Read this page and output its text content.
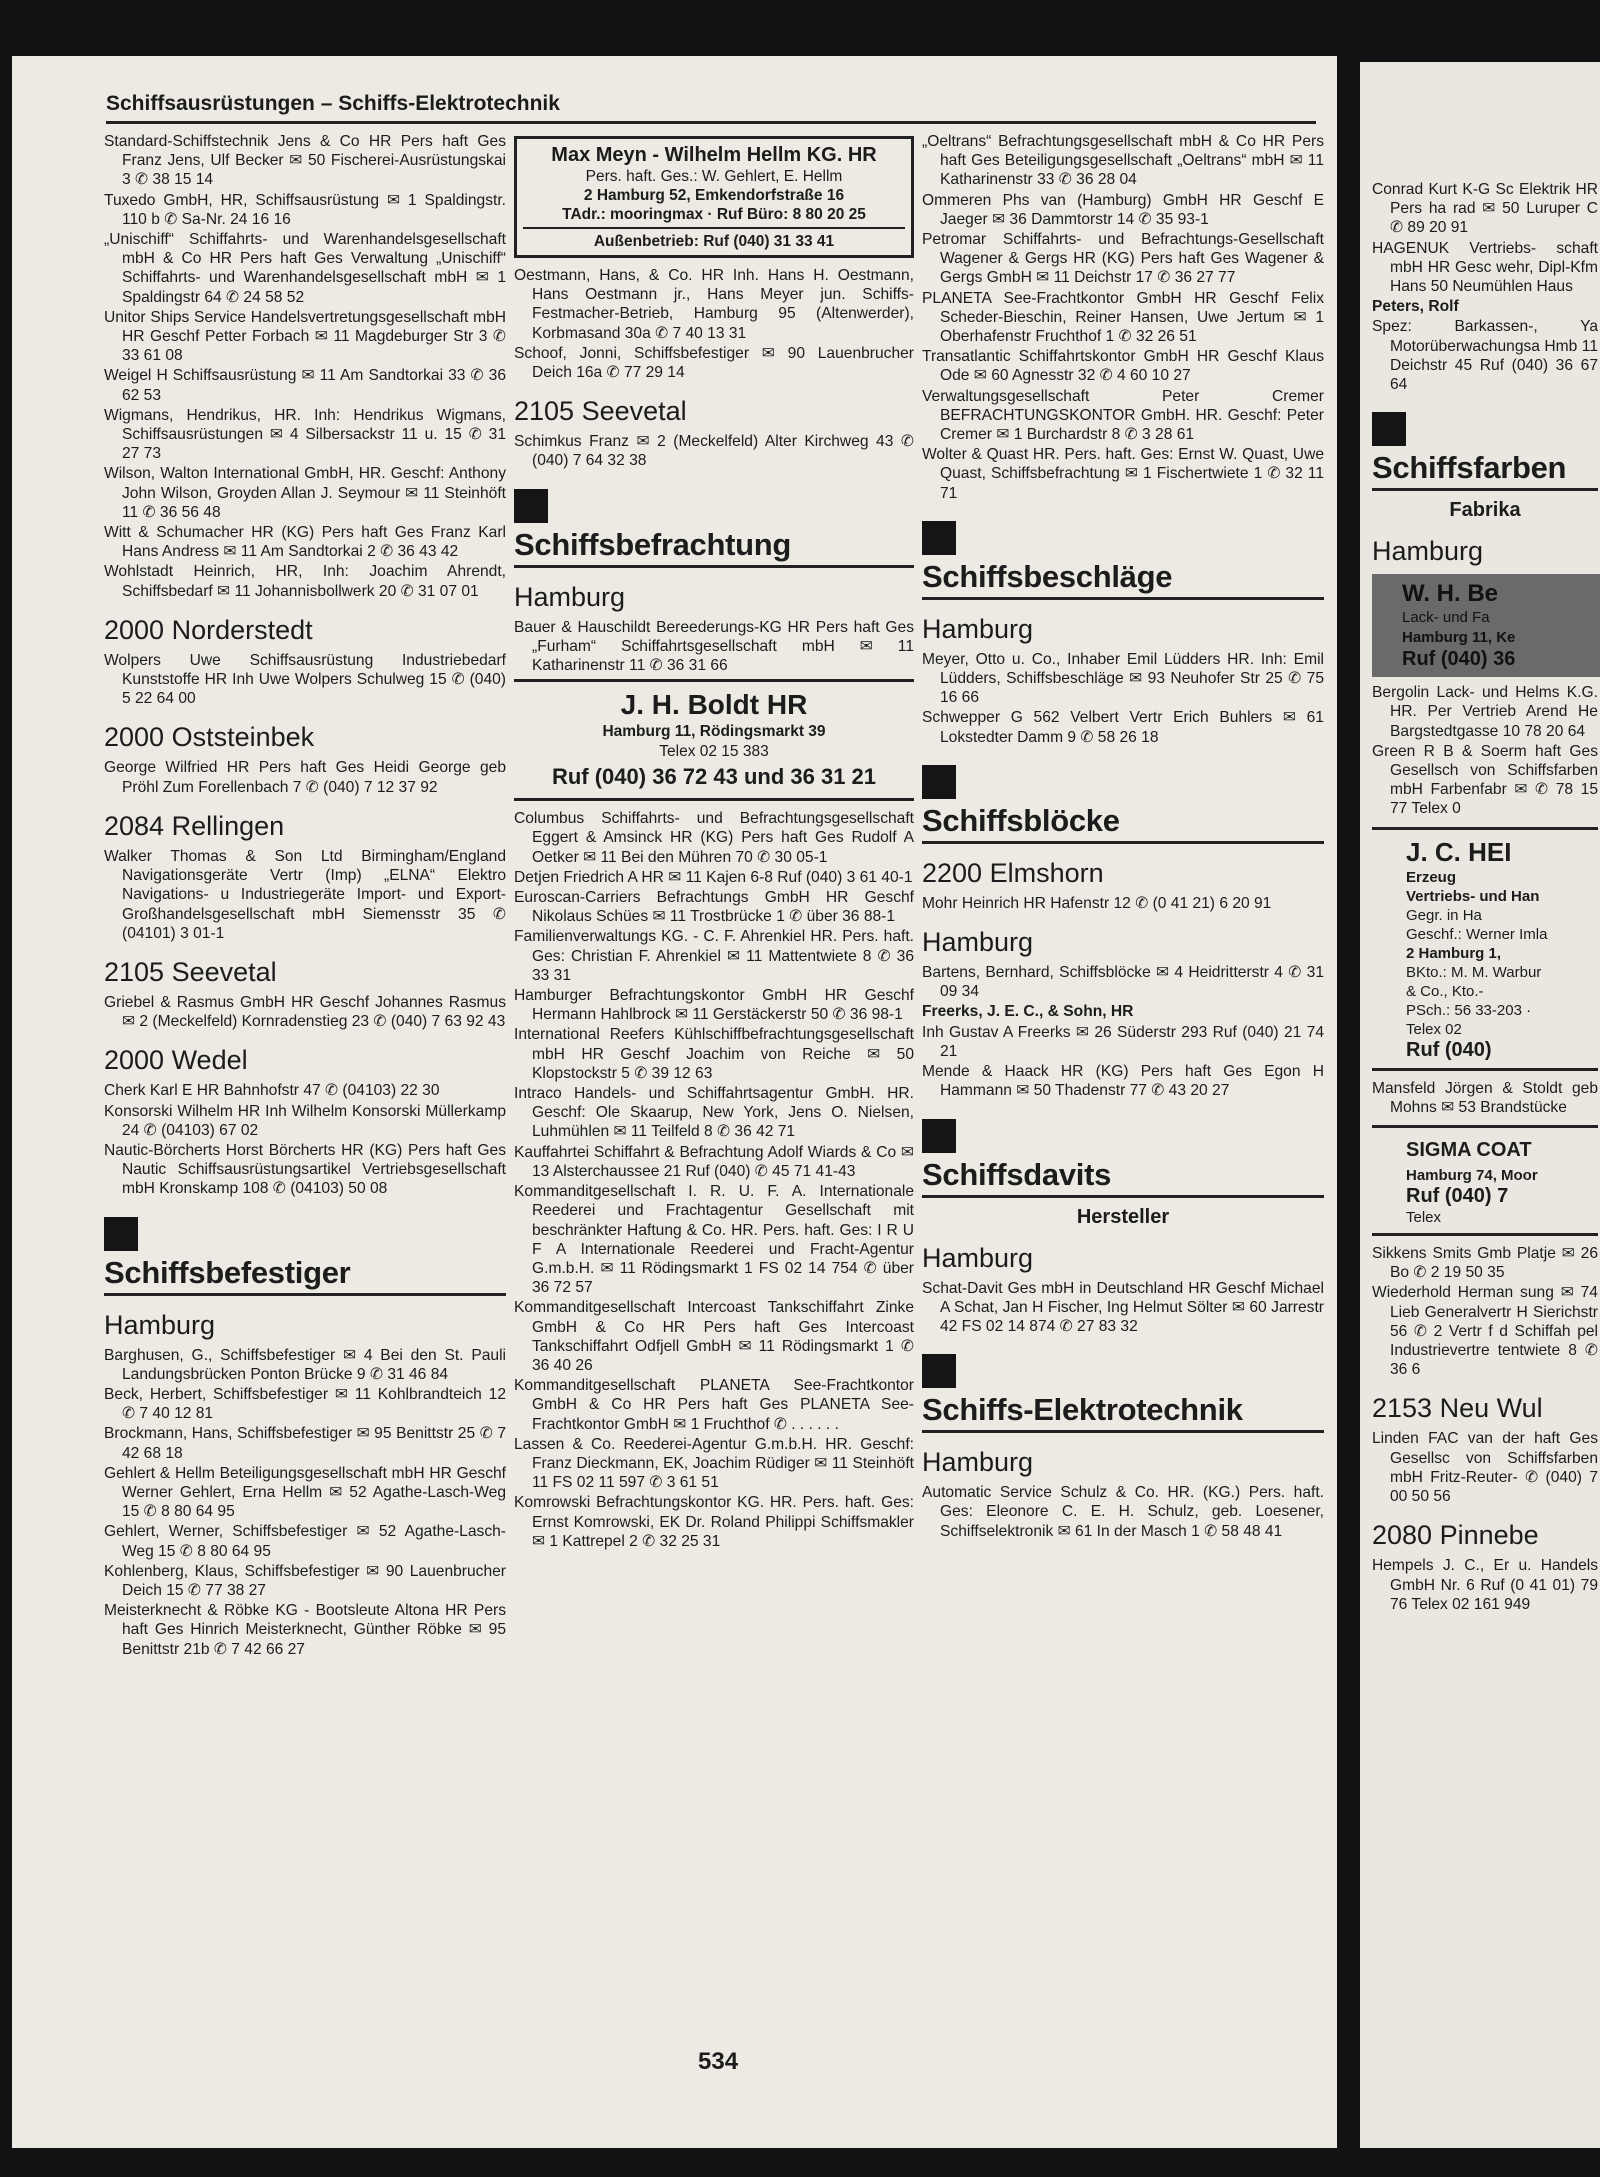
Schiffsausrüstungen – Schiffs-Elektrotechnik
Standard-Schiffstechnik Jens & Co HR Pers haft Ges Franz Jens, Ulf Becker ✉ 50 Fischerei-Ausrüstungskai 3 ✆ 38 15 14
Tuxedo GmbH, HR, Schiffsausrüstung ✉ 1 Spaldingstr. 110 b ✆ Sa-Nr. 24 16 16
„Unischiff“ Schiffahrts- und Warenhandelsgesellschaft mbH & Co HR Pers haft Ges Verwaltung „Unischiff“ Schiffahrts- und Warenhandelsgesellschaft mbH ✉ 1 Spaldingstr 64 ✆ 24 58 52
Unitor Ships Service Handelsvertretungsgesellschaft mbH HR Geschf Petter Forbach ✉ 11 Magdeburger Str 3 ✆ 33 61 08
Weigel H Schiffsausrüstung ✉ 11 Am Sandtorkai 33 ✆ 36 62 53
Wigmans, Hendrikus, HR. Inh: Hendrikus Wigmans, Schiffsausrüstungen ✉ 4 Silbersackstr 11 u. 15 ✆ 31 27 73
Wilson, Walton International GmbH, HR. Geschf: Anthony John Wilson, Groyden Allan J. Seymour ✉ 11 Steinhöft 11 ✆ 36 56 48
Witt & Schumacher HR (KG) Pers haft Ges Franz Karl Hans Andress ✉ 11 Am Sandtorkai 2 ✆ 36 43 42
Wohlstadt Heinrich, HR, Inh: Joachim Ahrendt, Schiffsbedarf ✉ 11 Johannisbollwerk 20 ✆ 31 07 01
2000 Norderstedt
Wolpers Uwe Schiffsausrüstung Industriebedarf Kunststoffe HR Inh Uwe Wolpers Schulweg 15 ✆ (040) 5 22 64 00
2000 Oststeinbek
George Wilfried HR Pers haft Ges Heidi George geb Pröhl Zum Forellenbach 7 ✆ (040) 7 12 37 92
2084 Rellingen
Walker Thomas & Son Ltd Birmingham/England Navigationsgeräte Vertr (Imp) „ELNA“ Elektro Navigations- u Industriegeräte Import- und Export-Großhandelsgesellschaft mbH Siemensstr 35 ✆ (04101) 3 01-1
2105 Seevetal
Griebel & Rasmus GmbH HR Geschf Johannes Rasmus ✉ 2 (Meckelfeld) Kornradenstieg 23 ✆ (040) 7 63 92 43
2000 Wedel
Cherk Karl E HR Bahnhofstr 47 ✆ (04103) 22 30
Konsorski Wilhelm HR Inh Wilhelm Konsorski Müllerkamp 24 ✆ (04103) 67 02
Nautic-Börcherts Horst Börcherts HR (KG) Pers haft Ges Nautic Schiffsausrüstungsartikel Vertriebsgesellschaft mbH Kronskamp 108 ✆ (04103) 50 08
Schiffsbefestiger
Hamburg
Barghusen, G., Schiffsbefestiger ✉ 4 Bei den St. Pauli Landungsbrücken Ponton Brücke 9 ✆ 31 46 84
Beck, Herbert, Schiffsbefestiger ✉ 11 Kohlbrandteich 12 ✆ 7 40 12 81
Brockmann, Hans, Schiffsbefestiger ✉ 95 Benittstr 25 ✆ 7 42 68 18
Gehlert & Hellm Beteiligungsgesellschaft mbH HR Geschf Werner Gehlert, Erna Hellm ✉ 52 Agathe-Lasch-Weg 15 ✆ 8 80 64 95
Gehlert, Werner, Schiffsbefestiger ✉ 52 Agathe-Lasch-Weg 15 ✆ 8 80 64 95
Kohlenberg, Klaus, Schiffsbefestiger ✉ 90 Lauenbrucher Deich 15 ✆ 77 38 27
Meisterknecht & Röbke KG - Bootsleute Altona HR Pers haft Ges Hinrich Meisterknecht, Günther Röbke ✉ 95 Benittstr 21b ✆ 7 42 66 27
Max Meyn - Wilhelm Hellm KG. HR
Pers. haft. Ges.: W. Gehlert, E. Hellm
2 Hamburg 52, Emkendorfstraße 16
TAdr.: mooringmax · Ruf Büro: 8 80 20 25
Außenbetrieb: Ruf (040) 31 33 41
Oestmann, Hans, & Co. HR Inh. Hans H. Oestmann, Hans Oestmann jr., Hans Meyer jun. Schiffs-Festmacher-Betrieb, Hamburg 95 (Altenwerder), Korbmasand 30a ✆ 7 40 13 31
Schoof, Jonni, Schiffsbefestiger ✉ 90 Lauenbrucher Deich 16a ✆ 77 29 14
2105 Seevetal
Schimkus Franz ✉ 2 (Meckelfeld) Alter Kirchweg 43 ✆ (040) 7 64 32 38
Schiffsbefrachtung
Hamburg
Bauer & Hauschildt Bereederungs-KG HR Pers haft Ges „Furham“ Schiffahrtsgesellschaft mbH ✉ 11 Katharinenstr 11 ✆ 36 31 66
J. H. Boldt HR
Hamburg 11, Rödingsmarkt 39
Telex 02 15 383
Ruf (040) 36 72 43 und 36 31 21
Columbus Schiffahrts- und Befrachtungsgesellschaft Eggert & Amsinck HR (KG) Pers haft Ges Rudolf A Oetker ✉ 11 Bei den Mühren 70 ✆ 30 05-1
Detjen Friedrich A HR ✉ 11 Kajen 6-8 Ruf (040) 3 61 40-1
Euroscan-Carriers Befrachtungs GmbH HR Geschf Nikolaus Schües ✉ 11 Trostbrücke 1 ✆ über 36 88-1
Familienverwaltungs KG. - C. F. Ahrenkiel HR. Pers. haft. Ges: Christian F. Ahrenkiel ✉ 11 Mattentwiete 8 ✆ 36 33 31
Hamburger Befrachtungskontor GmbH HR Geschf Hermann Hahlbrock ✉ 11 Gerstäckerstr 50 ✆ 36 98-1
International Reefers Kühlschiffbefrachtungsgesellschaft mbH HR Geschf Joachim von Reiche ✉ 50 Klopstockstr 5 ✆ 39 12 63
Intraco Handels- und Schiffahrtsagentur GmbH. HR. Geschf: Ole Skaarup, New York, Jens O. Nielsen, Luhmühlen ✉ 11 Teilfeld 8 ✆ 36 42 71
Kauffahrtei Schiffahrt & Befrachtung Adolf Wiards & Co ✉ 13 Alsterchaussee 21 Ruf (040) ✆ 45 71 41-43
Kommanditgesellschaft I. R. U. F. A. Internationale Reederei und Frachtagentur Gesellschaft mit beschränkter Haftung & Co. HR. Pers. haft. Ges: I R U F A Internationale Reederei und Fracht-Agentur G.m.b.H. ✉ 11 Rödingsmarkt 1 FS 02 14 754 ✆ über 36 72 57
Kommanditgesellschaft Intercoast Tankschiffahrt Zinke GmbH & Co HR Pers haft Ges Intercoast Tankschiffahrt Odfjell GmbH ✉ 11 Rödingsmarkt 1 ✆ 36 40 26
Kommanditgesellschaft PLANETA See-Frachtkontor GmbH & Co HR Pers haft Ges PLANETA See-Frachtkontor GmbH ✉ 1 Fruchthof ✆ . . . . . .
Lassen & Co. Reederei-Agentur G.m.b.H. HR. Geschf: Franz Dieckmann, EK, Joachim Rüdiger ✉ 11 Steinhöft 11 FS 02 11 597 ✆ 3 61 51
Komrowski Befrachtungskontor KG. HR. Pers. haft. Ges: Ernst Komrowski, EK Dr. Roland Philippi Schiffsmakler ✉ 1 Kattrepel 2 ✆ 32 25 31
„Oeltrans“ Befrachtungsgesellschaft mbH & Co HR Pers haft Ges Beteiligungsgesellschaft „Oeltrans“ mbH ✉ 11 Katharinenstr 33 ✆ 36 28 04
Ommeren Phs van (Hamburg) GmbH HR Geschf E Jaeger ✉ 36 Dammtorstr 14 ✆ 35 93-1
Petromar Schiffahrts- und Befrachtungs-Gesellschaft Wagener & Gergs HR (KG) Pers haft Ges Wagener & Gergs GmbH ✉ 11 Deichstr 17 ✆ 36 27 77
PLANETA See-Frachtkontor GmbH HR Geschf Felix Scheder-Bieschin, Reiner Hansen, Uwe Jertum ✉ 1 Oberhafenstr Fruchthof 1 ✆ 32 26 51
Transatlantic Schiffahrtskontor GmbH HR Geschf Klaus Ode ✉ 60 Agnesstr 32 ✆ 4 60 10 27
Verwaltungsgesellschaft Peter Cremer BEFRACHTUNGSKONTOR GmbH. HR. Geschf: Peter Cremer ✉ 1 Burchardstr 8 ✆ 3 28 61
Wolter & Quast HR. Pers. haft. Ges: Ernst W. Quast, Uwe Quast, Schiffsbefrachtung ✉ 1 Fischertwiete 1 ✆ 32 11 71
Schiffsbeschläge
Hamburg
Meyer, Otto u. Co., Inhaber Emil Lüdders HR. Inh: Emil Lüdders, Schiffsbeschläge ✉ 93 Neuhofer Str 25 ✆ 75 16 66
Schwepper G 562 Velbert Vertr Erich Buhlers ✉ 61 Lokstedter Damm 9 ✆ 58 26 18
Schiffsblöcke
2200 Elmshorn
Mohr Heinrich HR Hafenstr 12 ✆ (0 41 21) 6 20 91
Hamburg
Bartens, Bernhard, Schiffsblöcke ✉ 4 Heidritterstr 4 ✆ 31 09 34
Freerks, J. E. C., & Sohn, HR
Inh Gustav A Freerks ✉ 26 Süderstr 293 Ruf (040) 21 74 21
Mende & Haack HR (KG) Pers haft Ges Egon H Hammann ✉ 50 Thadenstr 77 ✆ 43 20 27
Schiffsdavits
Hersteller
Hamburg
Schat-Davit Ges mbH in Deutschland HR Geschf Michael A Schat, Jan H Fischer, Ing Helmut Sölter ✉ 60 Jarrestr 42 FS 02 14 874 ✆ 27 83 32
Schiffs-Elektrotechnik
Hamburg
Automatic Service Schulz & Co. HR. (KG.) Pers. haft. Ges: Eleonore C. E. H. Schulz, geb. Loesener, Schiffselektronik ✉ 61 In der Masch 1 ✆ 58 48 41
534
Conrad Kurt K-G Sc Elektrik HR Pers ha rad ✉ 50 Luruper C ✆ 89 20 91
HAGENUK Vertriebs- schaft mbH HR Gesc wehr, Dipl-Kfm Hans 50 Neumühlen Haus
Peters, Rolf
Spez: Barkassen-, Ya Motorüberwachungsa Hmb 11 Deichstr 45 Ruf (040) 36 67 64
Schiffsfarben
Fabrika
Hamburg
W. H. Be
Lack- und Fa
Hamburg 11, Ke
Ruf (040) 36
Bergolin Lack- und Helms K.G. HR. Per Vertrieb Arend He Bargstedtgasse 10 78 20 64
Green R B & Soerm haft Ges Gesellsch von Schiffsfarben mbH Farbenfabr ✉ ✆ 78 15 77 Telex 0
J. C. HEI
Erzeug
Vertriebs- und Han
Gegr. in Ha
Geschf.: Werner Imla
2 Hamburg 1,
BKto.: M. M. Warbur
& Co., Kto.-
PSch.: 56 33-203 ·
Telex 02
Ruf (040)
Mansfeld Jörgen & Stoldt geb Mohns ✉ 53 Brandstücke
SIGMA COAT
Hamburg 74, Moor
Ruf (040) 7
Telex
Sikkens Smits Gmb Platje ✉ 26 Bo ✆ 2 19 50 35
Wiederhold Herman sung ✉ 74 Lieb Generalvertr H Sierichstr 56 ✆ 2 Vertr f d Schiffah pel Industrievertre tentwiete 8 ✆ 36 6
2153 Neu Wul
Linden FAC van der haft Ges Gesellsc von Schiffsfarben mbH Fritz-Reuter- ✆ (040) 7 00 50 56
2080 Pinnebe
Hempels J. C., Er u. Handels GmbH Nr. 6 Ruf (0 41 01) 79 76 Telex 02 161 949
